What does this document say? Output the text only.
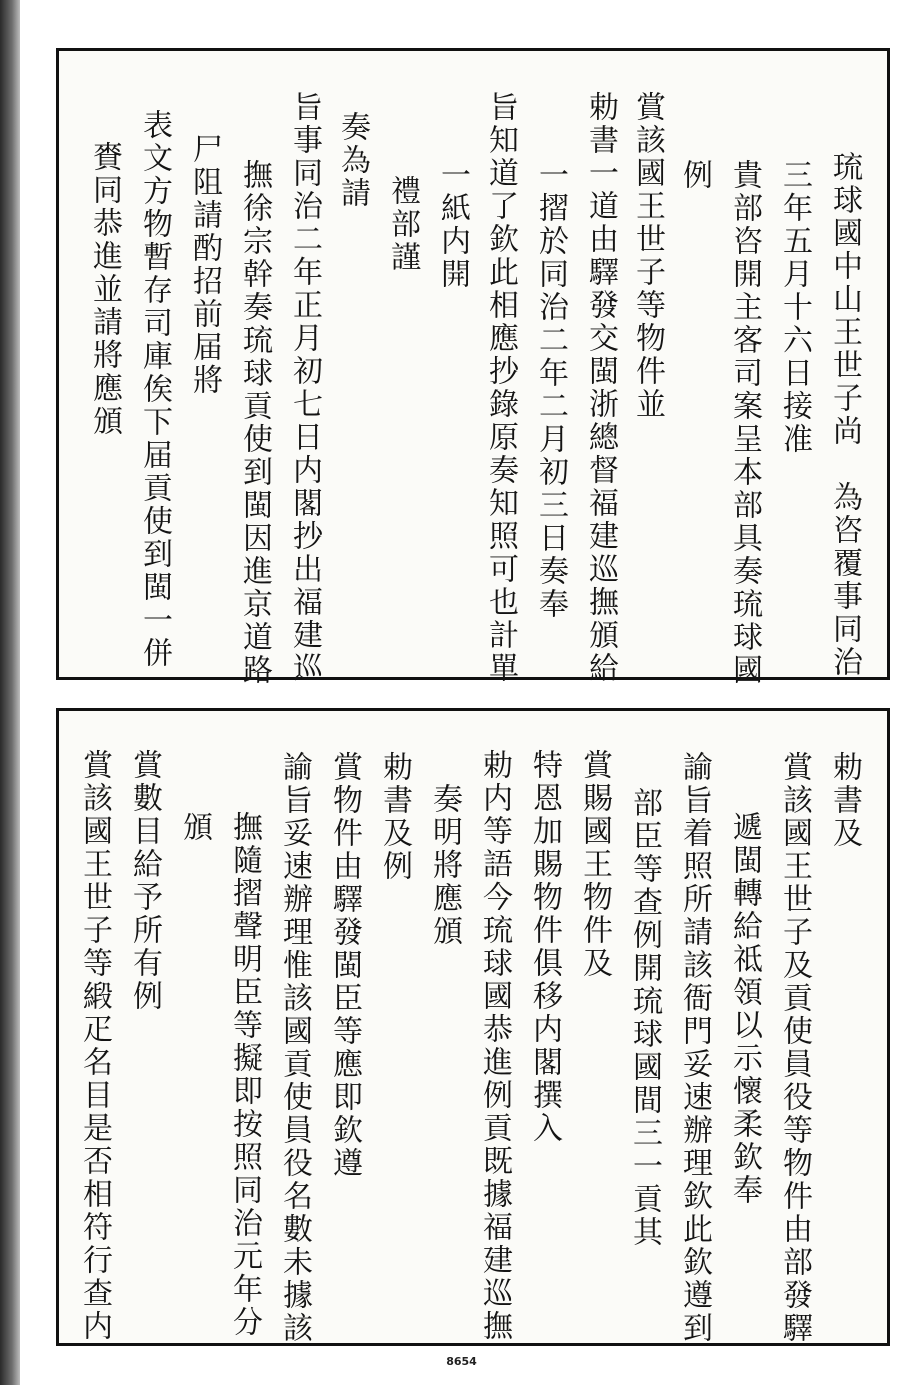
琉球國中山王世子尚　為咨覆事同治
三年五月十六日接准
貴部咨開主客司案呈本部具奏琉球國
例
賞該國王世子等物件並
勅書一道由驛發交閩浙總督福建巡撫頒給
一摺於同治二年二月初三日奏奉
旨知道了欽此相應抄錄原奏知照可也計單
一紙内開
禮部謹
奏為請
旨事同治二年正月初七日内閣抄出福建巡
撫徐宗幹奏琉球貢使到閩因進京道路
尸阻請酌招前届將
表文方物暫存司庫俟下届貢使到閩一併
賚同恭進並請將應頒
勅書及
賞該國王世子及貢使員役等物件由部發驛
遞閩轉給祗領以示懷柔欽奉
諭旨着照所請該衙門妥速辦理欽此欽遵到
部臣等查例開琉球國間三一貢其
賞賜國王物件及
特恩加賜物件俱移内閣撰入
勅内等語今琉球國恭進例貢既據福建巡撫
奏明將應頒
勅書及例
賞物件由驛發閩臣等應即欽遵
諭旨妥速辦理惟該國貢使員役名數未據該
撫隨摺聲明臣等擬即按照同治元年分
頒
賞數目給予所有例
賞該國王世子等緞疋名目是否相符行查内
8654
